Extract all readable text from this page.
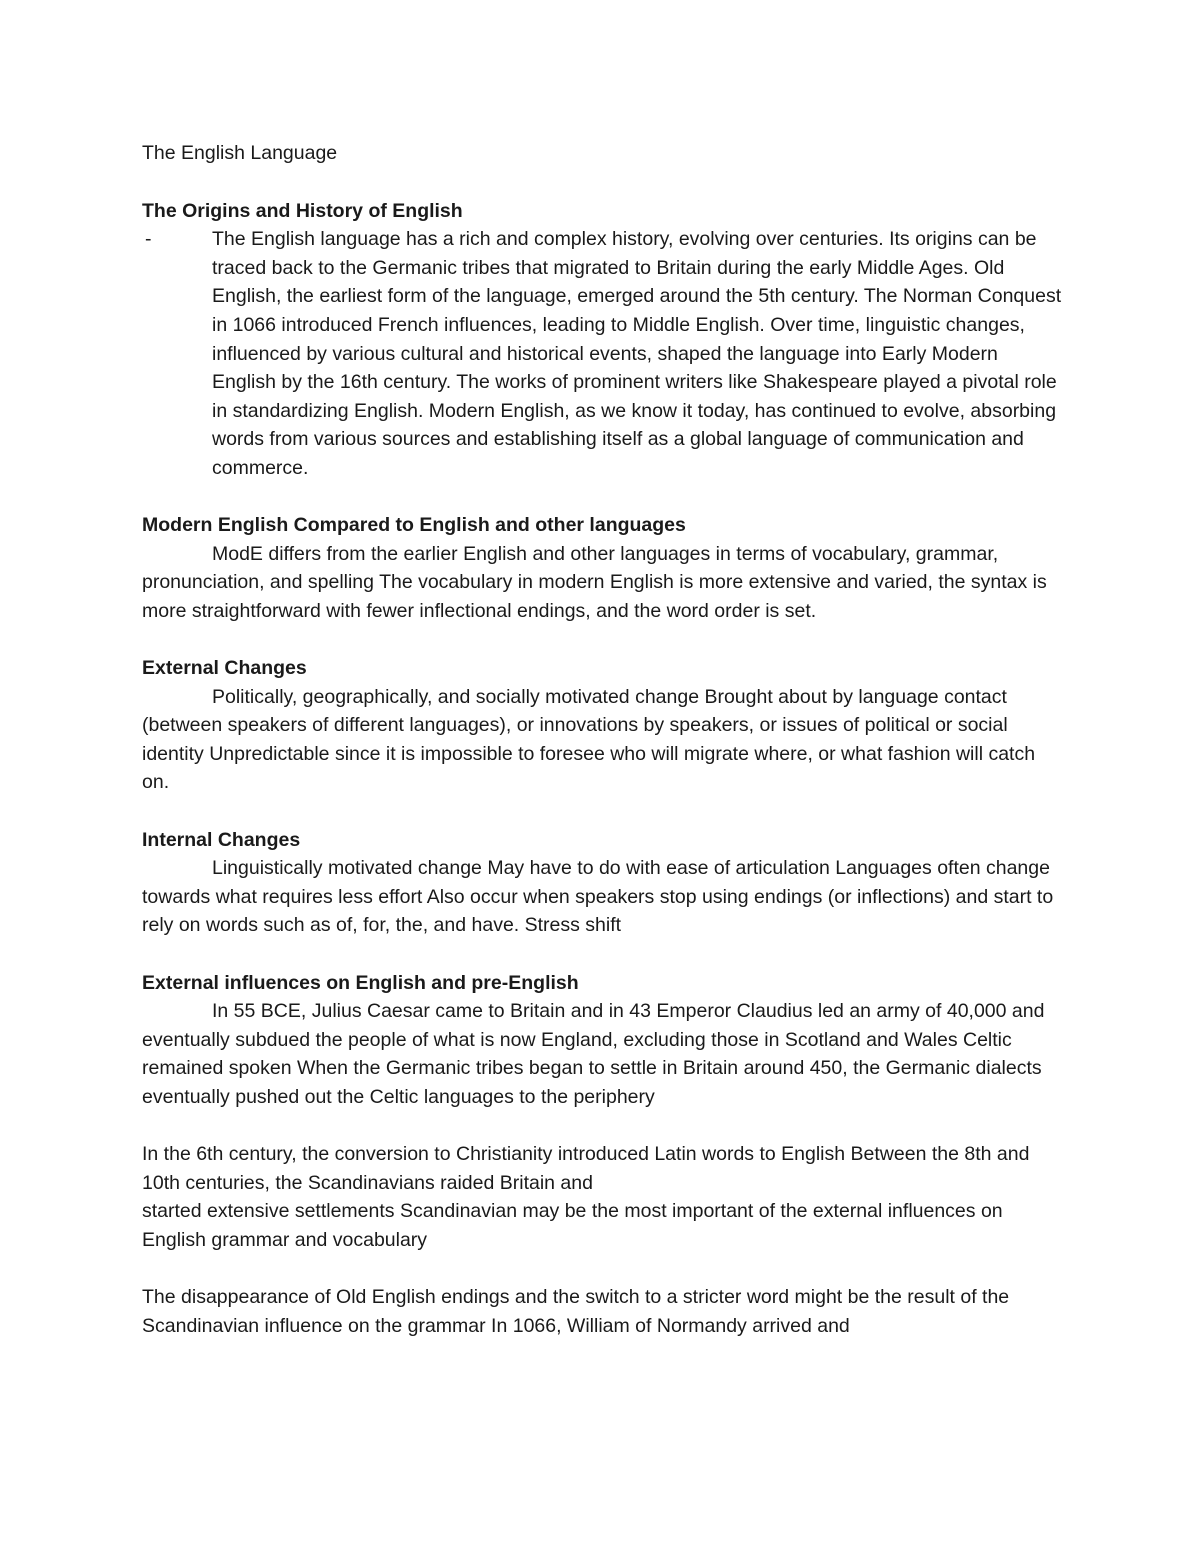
The English Language

The Origins and History of English

-	The English language has a rich and complex history, evolving over centuries. Its origins can be traced back to the Germanic tribes that migrated to Britain during the early Middle Ages. Old English, the earliest form of the language, emerged around the 5th century. The Norman Conquest in 1066 introduced French influences, leading to Middle English. Over time, linguistic changes, influenced by various cultural and historical events, shaped the language into Early Modern English by the 16th century. The works of prominent writers like Shakespeare played a pivotal role in standardizing English. Modern English, as we know it today, has continued to evolve, absorbing words from various sources and establishing itself as a global language of communication and commerce.

Modern English Compared to English and other languages

ModE differs from the earlier English and other languages in terms of vocabulary, grammar, pronunciation, and spelling The vocabulary in modern English is more extensive and varied, the syntax is more straightforward with fewer inflectional endings, and the word order is set.

External Changes

Politically, geographically, and socially motivated change Brought about by language contact (between speakers of different languages), or innovations by speakers, or issues of political or social identity Unpredictable since it is impossible to foresee who will migrate where, or what fashion will catch on.

Internal Changes

Linguistically motivated change May have to do with ease of articulation Languages often change towards what requires less effort Also occur when speakers stop using endings (or inflections) and start to rely on words such as of, for, the, and have. Stress shift

External influences on English and pre-English

In 55 BCE, Julius Caesar came to Britain and in 43 Emperor Claudius led an army of 40,000 and eventually subdued the people of what is now England, excluding those in Scotland and Wales Celtic remained spoken When the Germanic tribes began to settle in Britain around 450, the Germanic dialects eventually pushed out the Celtic languages to the periphery

In the 6th century, the conversion to Christianity introduced Latin words to English Between the 8th and 10th centuries, the Scandinavians raided Britain and

started extensive settlements Scandinavian may be the most important of the external influences on English grammar and vocabulary

The disappearance of Old English endings and the switch to a stricter word might be the result of the Scandinavian influence on the grammar In 1066, William of Normandy arrived and
